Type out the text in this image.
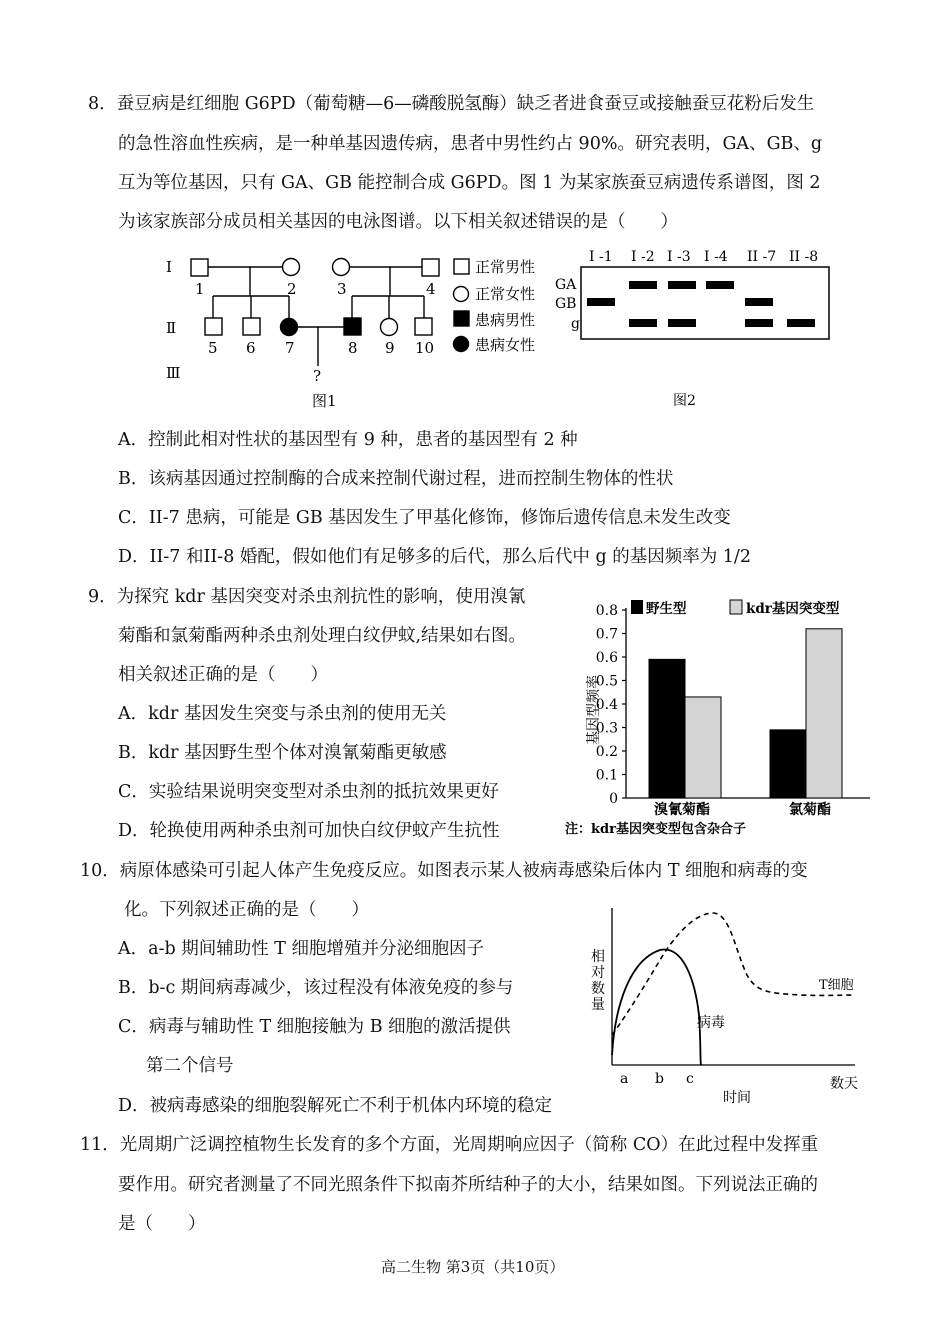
8．蚕豆病是红细胞 G6PD（葡萄糖—6—磷酸脱氢酶）缺乏者进食蚕豆或接触蚕豆花粉后发生
的急性溶血性疾病，是一种单基因遗传病，患者中男性约占 90%。研究表明，GA、GB、g
互为等位基因，只有 GA、GB 能控制合成 G6PD。图 1 为某家族蚕豆病遗传系谱图，图 2
为该家族部分成员相关基因的电泳图谱。以下相关叙述错误的是（　　）
Ⅰ
Ⅱ
Ⅲ
1	2	3	4
5 6 7	8 9 10
?
图1
正常男性
正常女性
患病男性
患病女性
I -1 I -2 I -3 I -4 II -7 II -8
GA
GB
g
图2
A．控制此相对性状的基因型有 9 种，患者的基因型有 2 种
B．该病基因通过控制酶的合成来控制代谢过程，进而控制生物体的性状
C．II-7 患病，可能是 GB 基因发生了甲基化修饰，修饰后遗传信息未发生改变
D．II-7 和II-8 婚配，假如他们有足够多的后代，那么后代中 g 的基因频率为 1/2
9．为探究 kdr 基因突变对杀虫剂抗性的影响，使用溴氰
菊酯和氯菊酯两种杀虫剂处理白纹伊蚊,结果如右图。
相关叙述正确的是（　　）
A．kdr 基因发生突变与杀虫剂的使用无关
B．kdr 基因野生型个体对溴氰菊酯更敏感
C．实验结果说明突变型对杀虫剂的抵抗效果更好
D．轮换使用两种杀虫剂可加快白纹伊蚊产生抗性
0
0.1
0.2
0.3
0.4
0.5
0.6
0.7
0.8
基因型频率
野生型	kdr基因突变型
溴氰菊酯	氯菊酯
注：kdr基因突变型包含杂合子
10．病原体感染可引起人体产生免疫反应。如图表示某人被病毒感染后体内 T 细胞和病毒的变
化。下列叙述正确的是（　　）
A．a-b 期间辅助性 T 细胞增殖并分泌细胞因子
B．b-c 期间病毒减少，该过程没有体液免疫的参与
C．病毒与辅助性 T 细胞接触为 B 细胞的激活提供
第二个信号
D．被病毒感染的细胞裂解死亡不利于机体内环境的稳定
相
对
数
量
a b c	数天
时间
T细胞
病毒
11．光周期广泛调控植物生长发育的多个方面，光周期响应因子（简称 CO）在此过程中发挥重
要作用。研究者测量了不同光照条件下拟南芥所结种子的大小，结果如图。下列说法正确的
是（　　）
高二生物 第3页（共10页）
